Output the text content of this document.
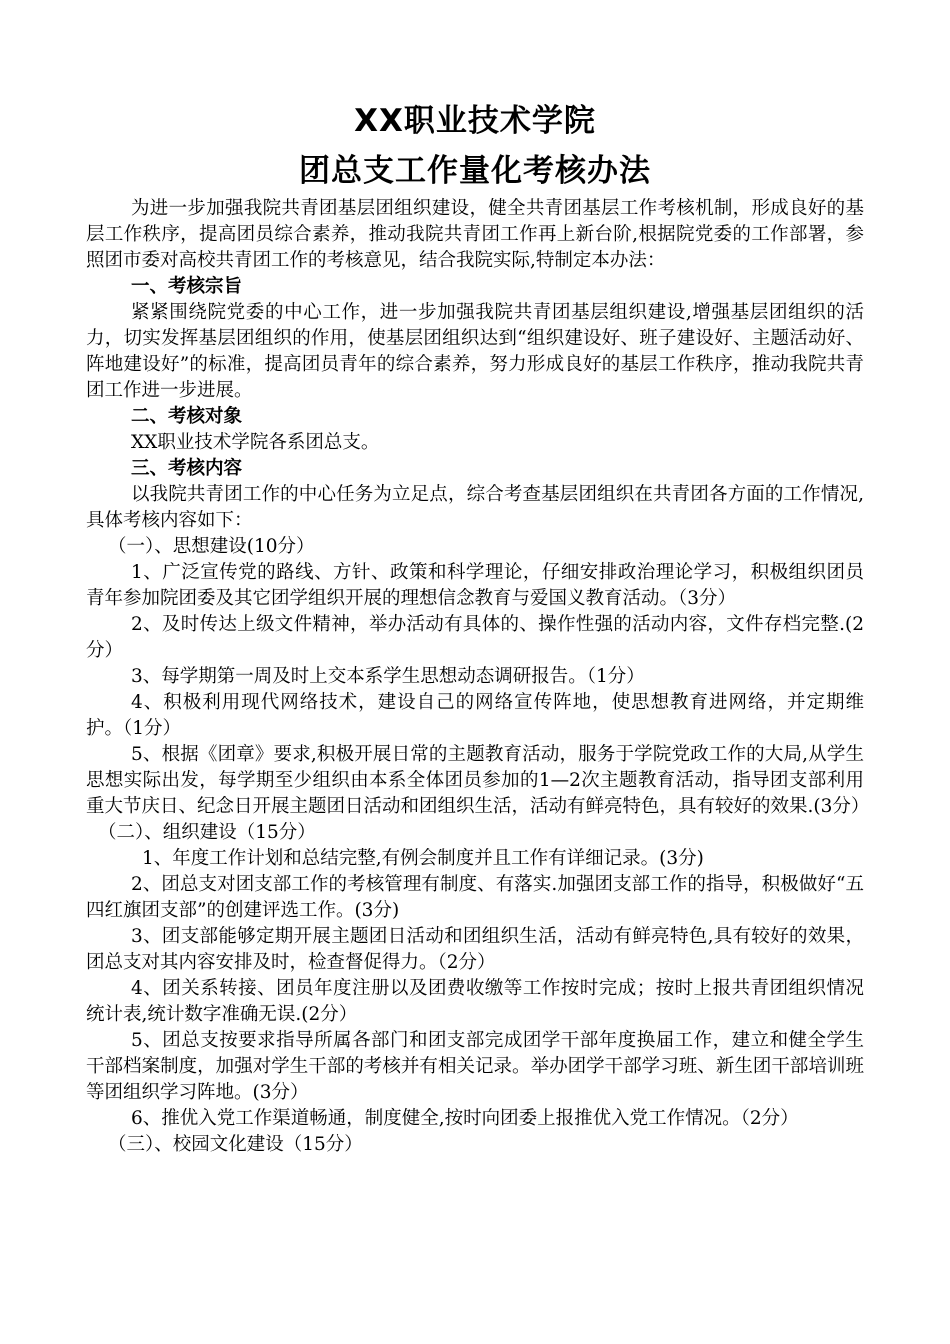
XX职业技术学院
团总支工作量化考核办法

为进一步加强我院共青团基层团组织建设，健全共青团基层工作考核机制，形成良好的基层工作秩序，提高团员综合素养，推动我院共青团工作再上新台阶,根据院党委的工作部署，参照团市委对高校共青团工作的考核意见，结合我院实际,特制定本办法：

一、考核宗旨

紧紧围绕院党委的中心工作，进一步加强我院共青团基层组织建设,增强基层团组织的活力，切实发挥基层团组织的作用，使基层团组织达到“组织建设好、班子建设好、主题活动好、阵地建设好”的标准，提高团员青年的综合素养，努力形成良好的基层工作秩序，推动我院共青团工作进一步进展。

二、考核对象

XX职业技术学院各系团总支。

三、考核内容

以我院共青团工作的中心任务为立足点，综合考查基层团组织在共青团各方面的工作情况,具体考核内容如下：

（一）、思想建设(10分）

1、广泛宣传党的路线、方针、政策和科学理论，仔细安排政治理论学习，积极组织团员青年参加院团委及其它团学组织开展的理想信念教育与爱国义教育活动。（3分）

2、及时传达上级文件精神，举办活动有具体的、操作性强的活动内容，文件存档完整.(2分）

3、每学期第一周及时上交本系学生思想动态调研报告。（1分）

4、积极利用现代网络技术，建设自己的网络宣传阵地，使思想教育进网络，并定期维护。（1分）

5、根据《团章》要求,积极开展日常的主题教育活动，服务于学院党政工作的大局,从学生思想实际出发，每学期至少组织由本系全体团员参加的1—2次主题教育活动，指导团支部利用重大节庆日、纪念日开展主题团日活动和团组织生活，活动有鲜亮特色，具有较好的效果.(3分）

（二）、组织建设（15分）

1、年度工作计划和总结完整,有例会制度并且工作有详细记录。(3分)

2、团总支对团支部工作的考核管理有制度、有落实.加强团支部工作的指导，积极做好“五四红旗团支部”的创建评选工作。(3分)

3、团支部能够定期开展主题团日活动和团组织生活，活动有鲜亮特色,具有较好的效果，团总支对其内容安排及时，检查督促得力。（2分）

4、团关系转接、团员年度注册以及团费收缴等工作按时完成；按时上报共青团组织情况统计表,统计数字准确无误.(2分）

5、团总支按要求指导所属各部门和团支部完成团学干部年度换届工作，建立和健全学生干部档案制度，加强对学生干部的考核并有相关记录。举办团学干部学习班、新生团干部培训班等团组织学习阵地。(3分）

6、推优入党工作渠道畅通，制度健全,按时向团委上报推优入党工作情况。（2分）

（三）、校园文化建设（15分）
